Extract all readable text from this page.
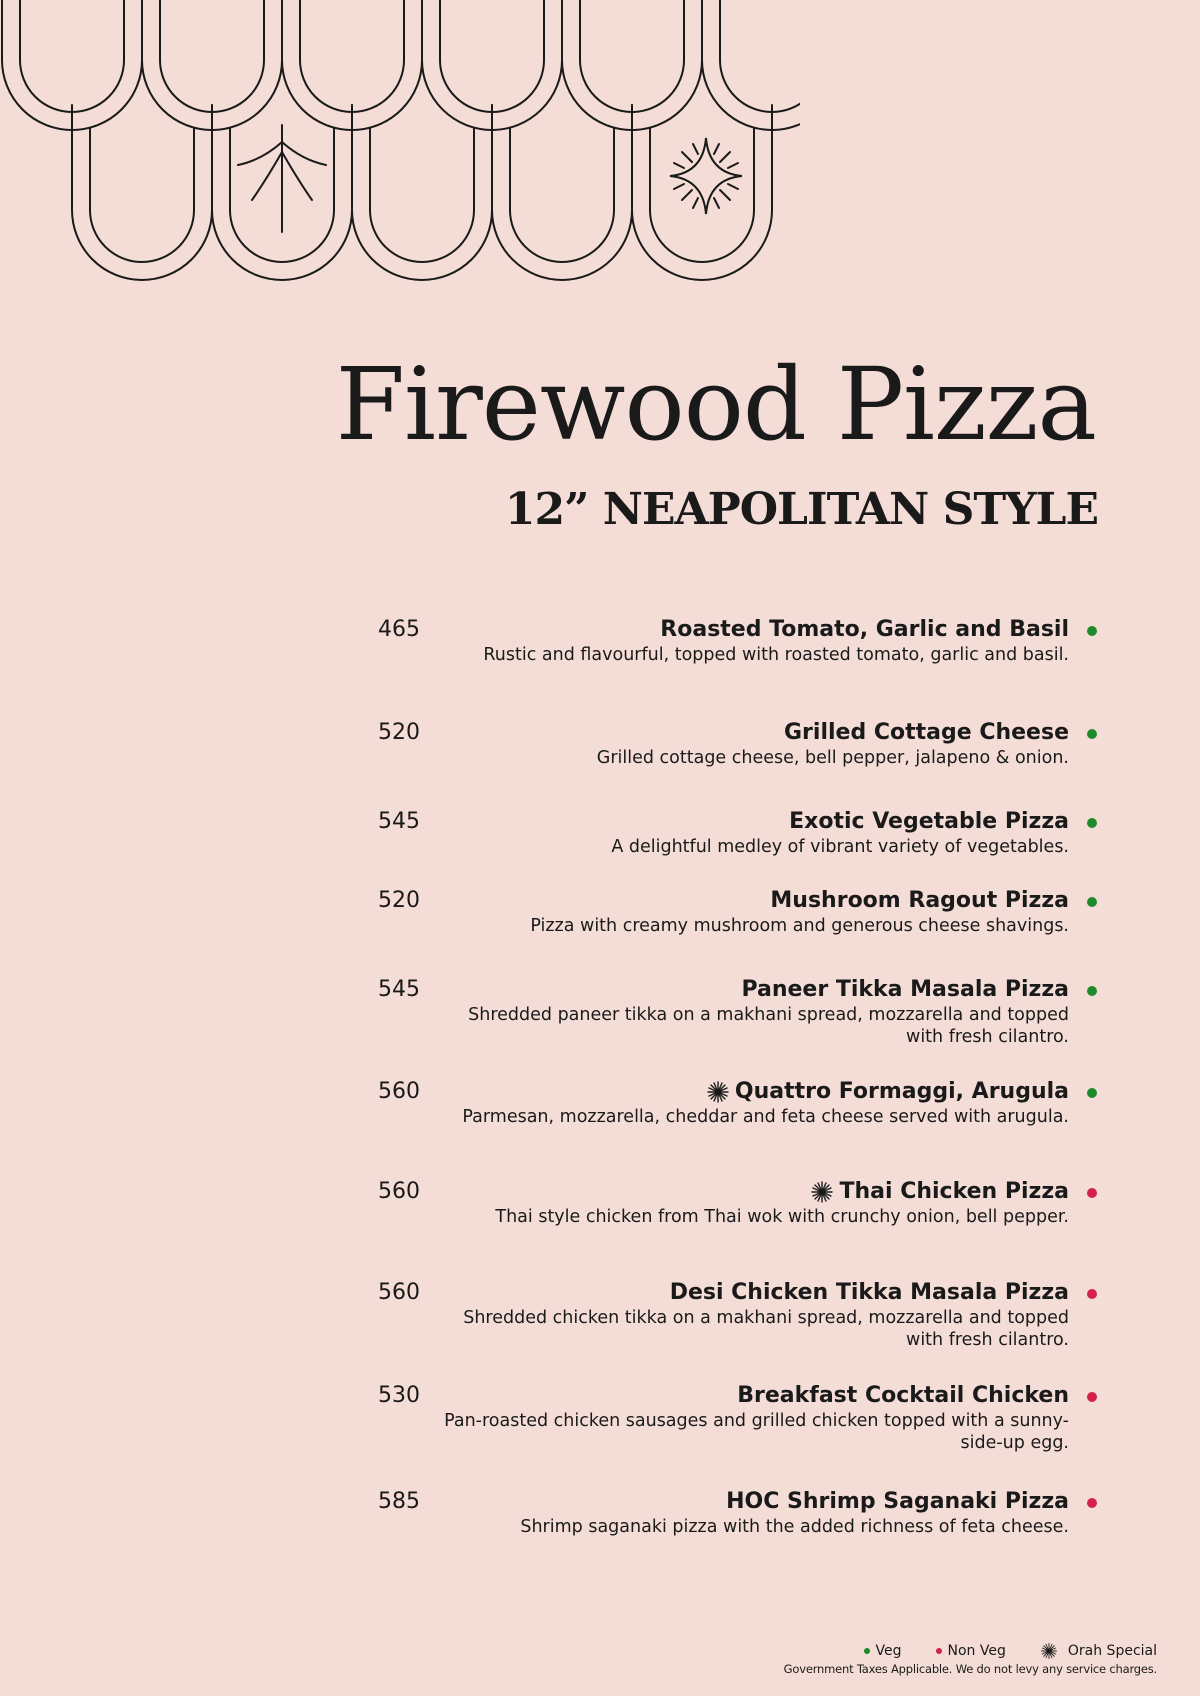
Firewood Pizza
12” NEAPOLITAN STYLE
465	Roasted Tomato, Garlic and Basil
Rustic and flavourful, topped with roasted tomato, garlic and basil.
520	Grilled Cottage Cheese
Grilled cottage cheese, bell pepper, jalapeno & onion.
545	Exotic Vegetable Pizza
A delightful medley of vibrant variety of vegetables.
520	Mushroom Ragout Pizza
Pizza with creamy mushroom and generous cheese shavings.
545	Paneer Tikka Masala Pizza
Shredded paneer tikka on a makhani spread, mozzarella and topped with fresh cilantro.
560	Quattro Formaggi, Arugula
Parmesan, mozzarella, cheddar and feta cheese served with arugula.
560	Thai Chicken Pizza
Thai style chicken from Thai wok with crunchy onion, bell pepper.
560	Desi Chicken Tikka Masala Pizza
Shredded chicken tikka on a makhani spread, mozzarella and topped with fresh cilantro.
530	Breakfast Cocktail Chicken
Pan-roasted chicken sausages and grilled chicken topped with a sunny-side-up egg.
585	HOC Shrimp Saganaki Pizza
Shrimp saganaki pizza with the added richness of feta cheese.
Veg	Non Veg	Orah Special
Government Taxes Applicable. We do not levy any service charges.
